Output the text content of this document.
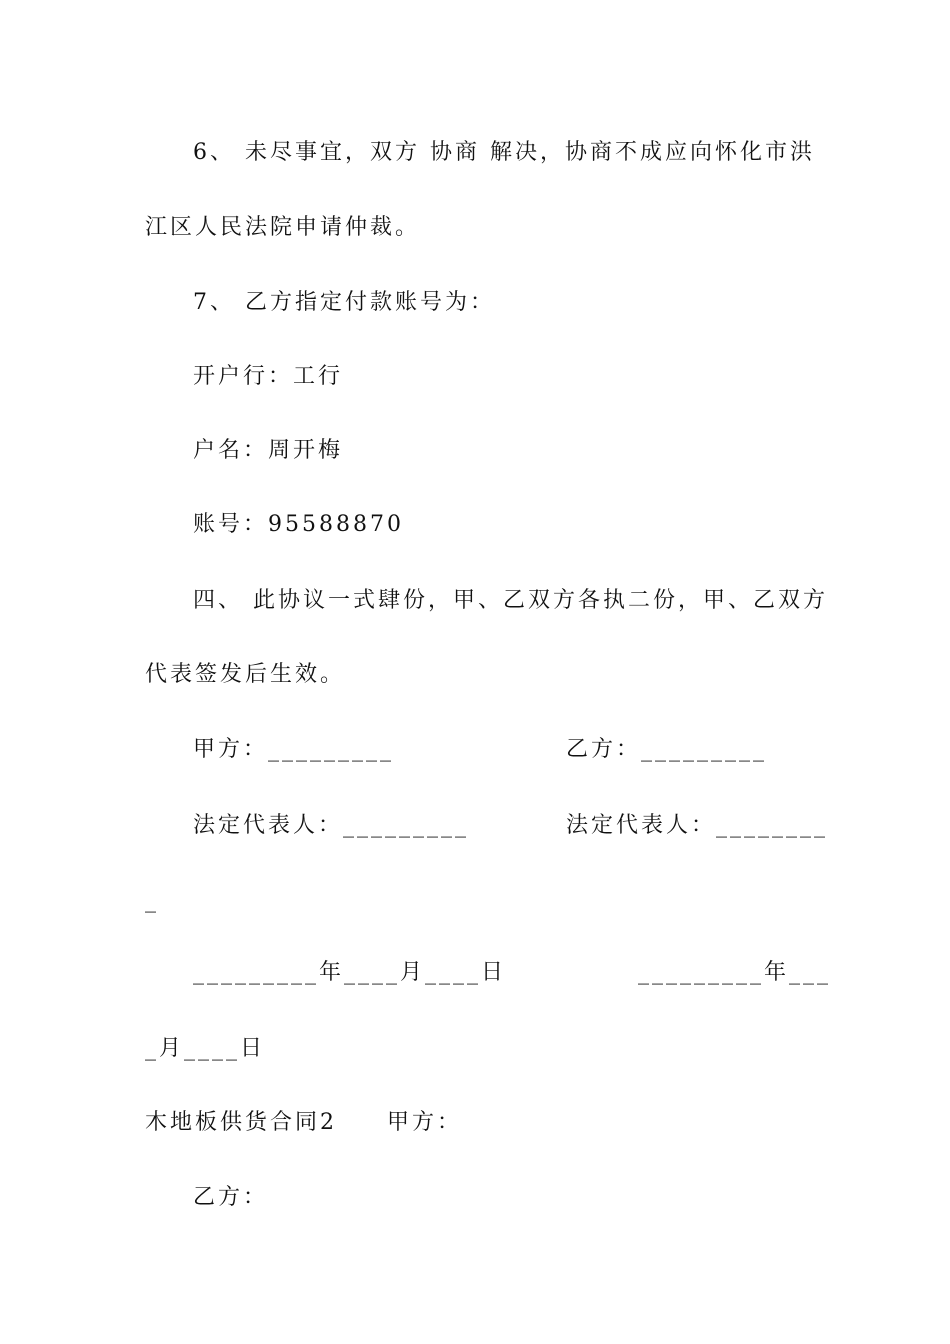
6、 未尽事宜，双方 协商 解决，协商不成应向怀化市洪
江区人民法院申请仲裁。
7、 乙方指定付款账号为：
开户行：工行
户名：周开梅
账号：95588870
四、 此协议一式肆份，甲、乙双方各执二份，甲、乙双方
代表签发后生效。
甲方：_________	乙方：_________
法定代表人：_________	法定代表人：________
_
_________年____月____日	_________年___
_月____日
木地板供货合同2　　甲方：
乙方：
